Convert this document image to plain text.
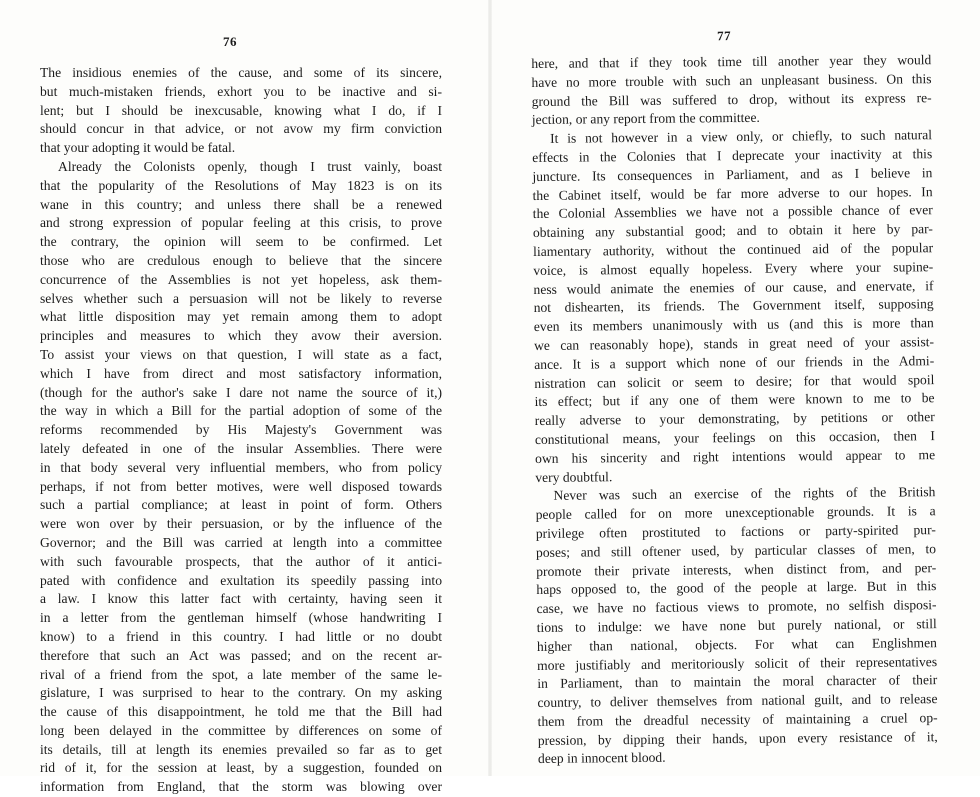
76
The insidious enemies of the cause, and some of its sincere,
but much-mistaken friends, exhort you to be inactive and si-
lent; but I should be inexcusable, knowing what I do, if I
should concur in that advice, or not avow my firm conviction
that your adopting it would be fatal.
Already the Colonists openly, though I trust vainly, boast
that the popularity of the Resolutions of May 1823 is on its
wane in this country; and unless there shall be a renewed
and strong expression of popular feeling at this crisis, to prove
the contrary, the opinion will seem to be confirmed. Let
those who are credulous enough to believe that the sincere
concurrence of the Assemblies is not yet hopeless, ask them-
selves whether such a persuasion will not be likely to reverse
what little disposition may yet remain among them to adopt
principles and measures to which they avow their aversion.
To assist your views on that question, I will state as a fact,
which I have from direct and most satisfactory information,
(though for the author's sake I dare not name the source of it,)
the way in which a Bill for the partial adoption of some of the
reforms recommended by His Majesty's Government was
lately defeated in one of the insular Assemblies. There were
in that body several very influential members, who from policy
perhaps, if not from better motives, were well disposed towards
such a partial compliance; at least in point of form. Others
were won over by their persuasion, or by the influence of the
Governor; and the Bill was carried at length into a committee
with such favourable prospects, that the author of it antici-
pated with confidence and exultation its speedily passing into
a law. I know this latter fact with certainty, having seen it
in a letter from the gentleman himself (whose handwriting I
know) to a friend in this country. I had little or no doubt
therefore that such an Act was passed; and on the recent ar-
rival of a friend from the spot, a late member of the same le-
gislature, I was surprised to hear to the contrary. On my asking
the cause of this disappointment, he told me that the Bill had
long been delayed in the committee by differences on some of
its details, till at length its enemies prevailed so far as to get
rid of it, for the session at least, by a suggestion, founded on
information from England, that the storm was blowing over
77
here, and that if they took time till another year they would
have no more trouble with such an unpleasant business. On this
ground the Bill was suffered to drop, without its express re-
jection, or any report from the committee.
It is not however in a view only, or chiefly, to such natural
effects in the Colonies that I deprecate your inactivity at this
juncture. Its consequences in Parliament, and as I believe in
the Cabinet itself, would be far more adverse to our hopes. In
the Colonial Assemblies we have not a possible chance of ever
obtaining any substantial good; and to obtain it here by par-
liamentary authority, without the continued aid of the popular
voice, is almost equally hopeless. Every where your supine-
ness would animate the enemies of our cause, and enervate, if
not dishearten, its friends. The Government itself, supposing
even its members unanimously with us (and this is more than
we can reasonably hope), stands in great need of your assist-
ance. It is a support which none of our friends in the Admi-
nistration can solicit or seem to desire; for that would spoil
its effect; but if any one of them were known to me to be
really adverse to your demonstrating, by petitions or other
constitutional means, your feelings on this occasion, then I
own his sincerity and right intentions would appear to me
very doubtful.
Never was such an exercise of the rights of the British
people called for on more unexceptionable grounds. It is a
privilege often prostituted to factions or party-spirited pur-
poses; and still oftener used, by particular classes of men, to
promote their private interests, when distinct from, and per-
haps opposed to, the good of the people at large. But in this
case, we have no factious views to promote, no selfish disposi-
tions to indulge: we have none but purely national, or still
higher than national, objects. For what can Englishmen
more justifiably and meritoriously solicit of their representatives
in Parliament, than to maintain the moral character of their
country, to deliver themselves from national guilt, and to release
them from the dreadful necessity of maintaining a cruel op-
pression, by dipping their hands, upon every resistance of it,
deep in innocent blood.
